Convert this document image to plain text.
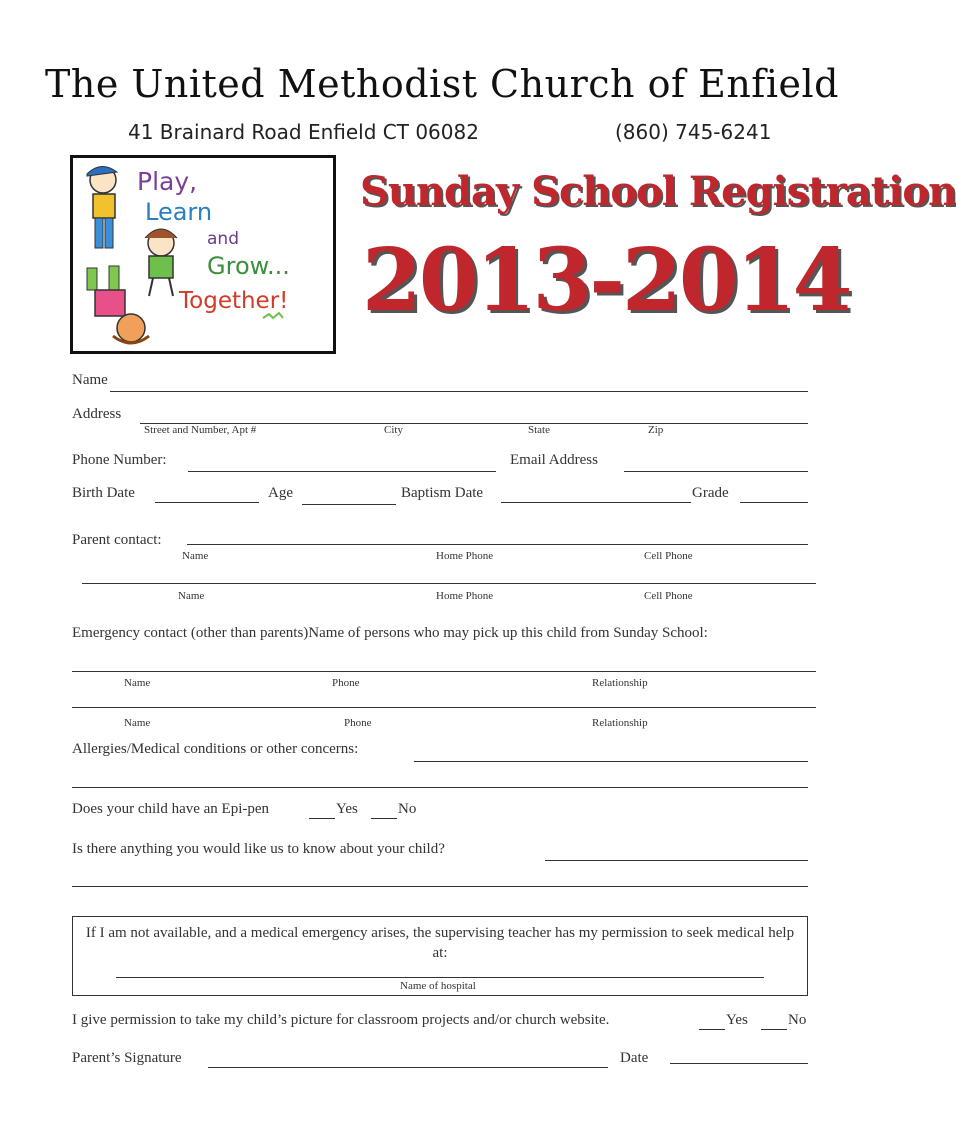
The United Methodist Church of Enfield
41 Brainard Road Enfield CT 06082	(860) 745-6241
Play,
Learn
and
Grow...
Together!
Sunday School Registration
2013-2014
Name
Address
Street and Number, Apt #	City	State	Zip
Phone Number:	Email Address
Birth Date	Age	Baptism Date	Grade
Parent contact:
Name	Home Phone	Cell Phone
Name	Home Phone	Cell Phone
Emergency contact (other than parents)Name of persons who may pick up this child from Sunday School:
Name	Phone	Relationship
Name	Phone	Relationship
Allergies/Medical conditions or other concerns:
Does your child have an Epi-pen	Yes	No
Is there anything you would like us to know about your child?
If I am not available, and a medical emergency arises, the supervising teacher has my permission to seek medical help at:
Name of hospital
I give permission to take my child’s picture for classroom projects and/or church website.	Yes	No
Parent’s Signature	Date
